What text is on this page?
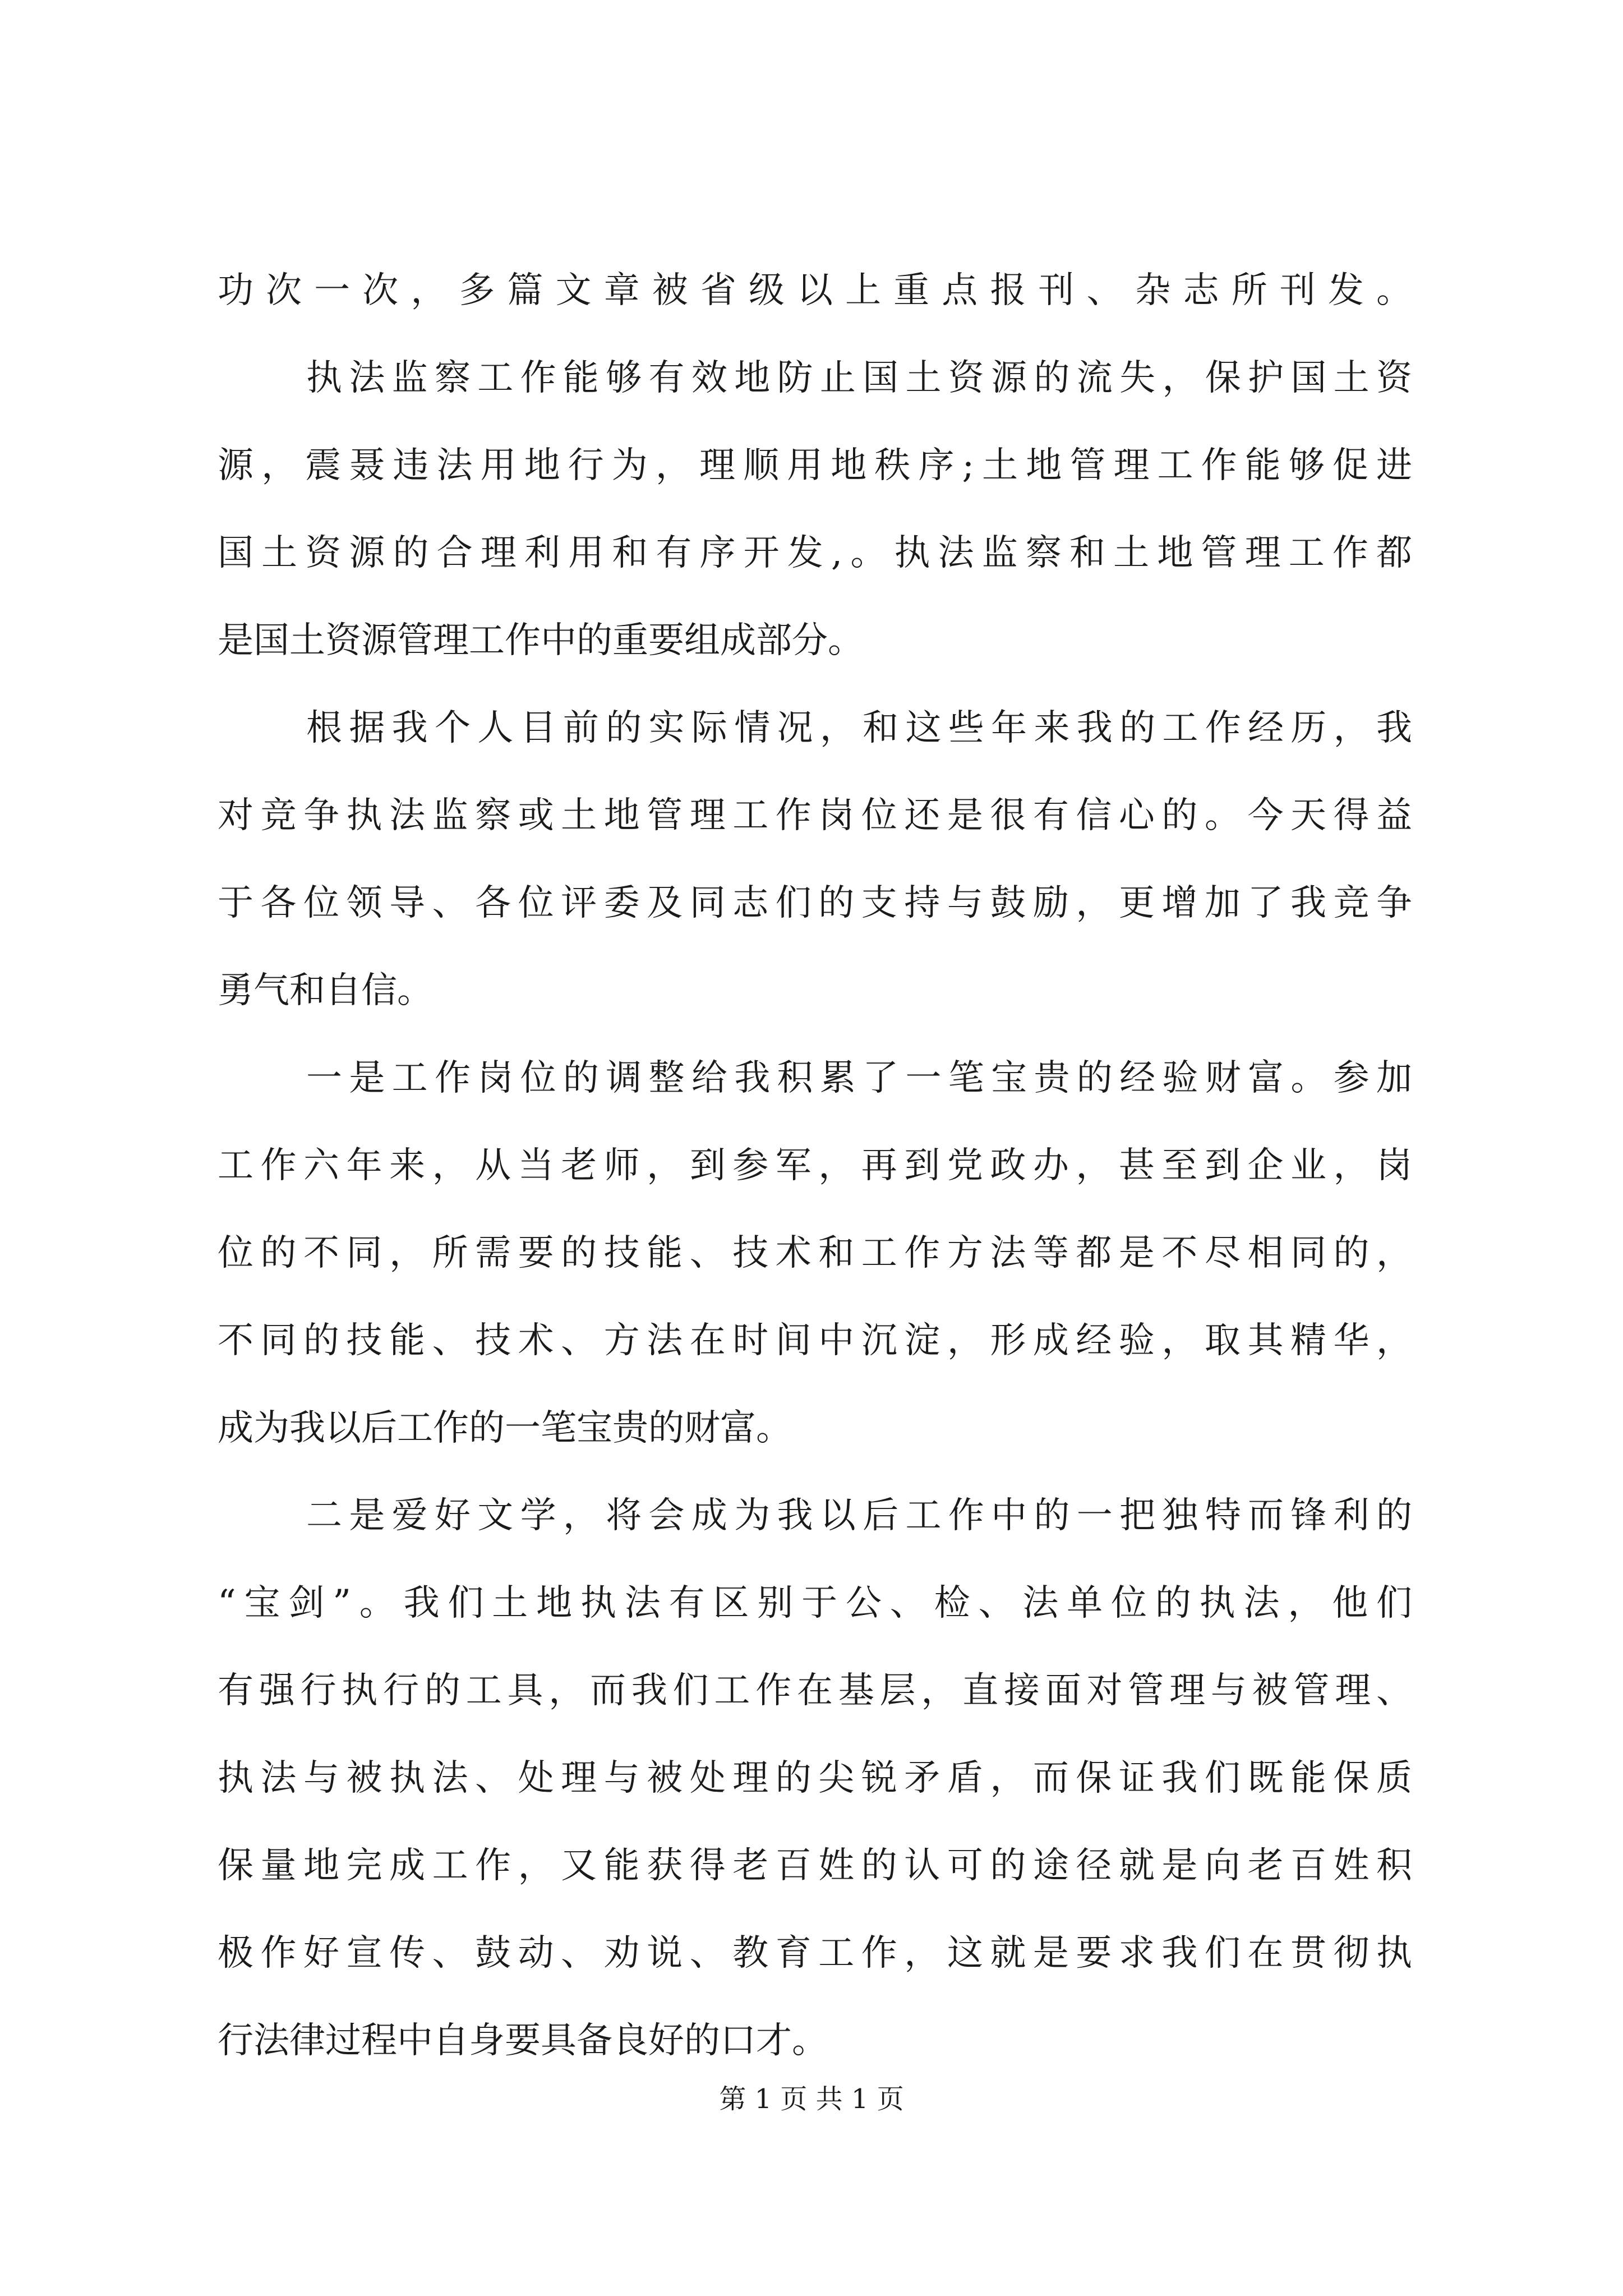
功次一次，多篇文章被省级以上重点报刊、杂志所刊发。
执法监察工作能够有效地防止国土资源的流失，保护国土资
源，震聂违法用地行为，理顺用地秩序;土地管理工作能够促进
国土资源的合理利用和有序开发,。执法监察和土地管理工作都
是国土资源管理工作中的重要组成部分。
根据我个人目前的实际情况，和这些年来我的工作经历，我
对竞争执法监察或土地管理工作岗位还是很有信心的。今天得益
于各位领导、各位评委及同志们的支持与鼓励，更增加了我竞争
勇气和自信。
一是工作岗位的调整给我积累了一笔宝贵的经验财富。参加
工作六年来，从当老师，到参军，再到党政办，甚至到企业，岗
位的不同，所需要的技能、技术和工作方法等都是不尽相同的，
不同的技能、技术、方法在时间中沉淀，形成经验，取其精华，
成为我以后工作的一笔宝贵的财富。
二是爱好文学，将会成为我以后工作中的一把独特而锋利的
“宝剑”。我们土地执法有区别于公、检、法单位的执法，他们
有强行执行的工具，而我们工作在基层，直接面对管理与被管理、
执法与被执法、处理与被处理的尖锐矛盾，而保证我们既能保质
保量地完成工作，又能获得老百姓的认可的途径就是向老百姓积
极作好宣传、鼓动、劝说、教育工作，这就是要求我们在贯彻执
行法律过程中自身要具备良好的口才。
第 1 页 共 1 页
